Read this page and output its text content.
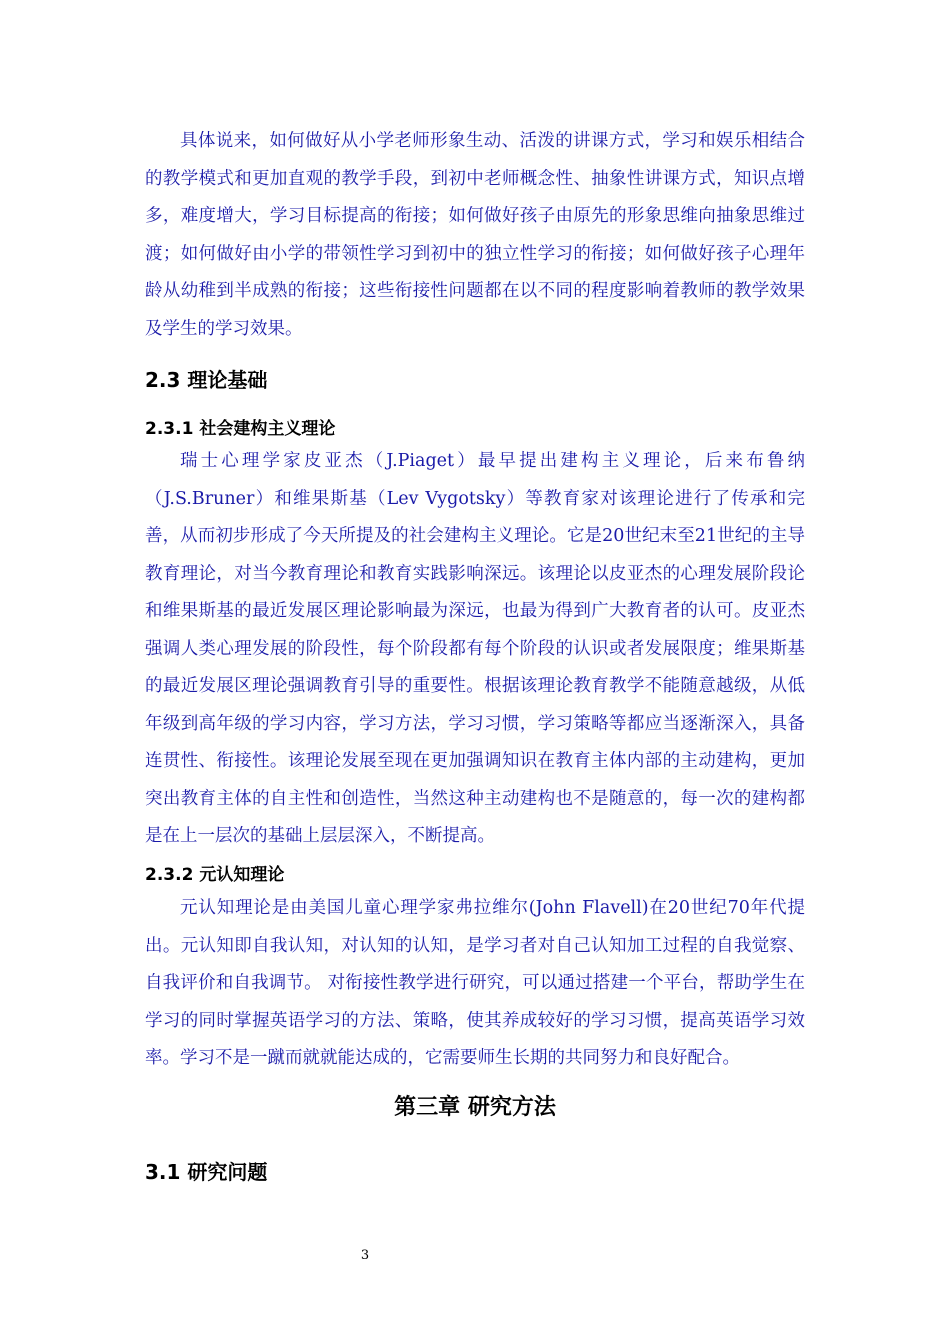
具体说来，如何做好从小学老师形象生动、活泼的讲课方式，学习和娱乐相结合的教学模式和更加直观的教学手段，到初中老师概念性、抽象性讲课方式，知识点增多，难度增大，学习目标提高的衔接；如何做好孩子由原先的形象思维向抽象思维过渡；如何做好由小学的带领性学习到初中的独立性学习的衔接；如何做好孩子心理年龄从幼稚到半成熟的衔接；这些衔接性问题都在以不同的程度影响着教师的教学效果及学生的学习效果。

2.3 理论基础
2.3.1 社会建构主义理论

瑞士心理学家皮亚杰（J.Piaget）最早提出建构主义理论，后来布鲁纳（J.S.Bruner）和维果斯基（Lev Vygotsky）等教育家对该理论进行了传承和完善，从而初步形成了今天所提及的社会建构主义理论。它是20世纪末至21世纪的主导教育理论，对当今教育理论和教育实践影响深远。该理论以皮亚杰的心理发展阶段论和维果斯基的最近发展区理论影响最为深远，也最为得到广大教育者的认可。皮亚杰强调人类心理发展的阶段性，每个阶段都有每个阶段的认识或者发展限度；维果斯基的最近发展区理论强调教育引导的重要性。根据该理论教育教学不能随意越级，从低年级到高年级的学习内容，学习方法，学习习惯，学习策略等都应当逐渐深入，具备连贯性、衔接性。该理论发展至现在更加强调知识在教育主体内部的主动建构，更加突出教育主体的自主性和创造性，当然这种主动建构也不是随意的，每一次的建构都是在上一层次的基础上层层深入，不断提高。

2.3.2 元认知理论

元认知理论是由美国儿童心理学家弗拉维尔(John Flavell)在20世纪70年代提出。元认知即自我认知，对认知的认知，是学习者对自己认知加工过程的自我觉察、自我评价和自我调节。 对衔接性教学进行研究，可以通过搭建一个平台，帮助学生在学习的同时掌握英语学习的方法、策略，使其养成较好的学习习惯，提高英语学习效率。学习不是一蹴而就就能达成的，它需要师生长期的共同努力和良好配合。

第三章 研究方法
3.1 研究问题
3
